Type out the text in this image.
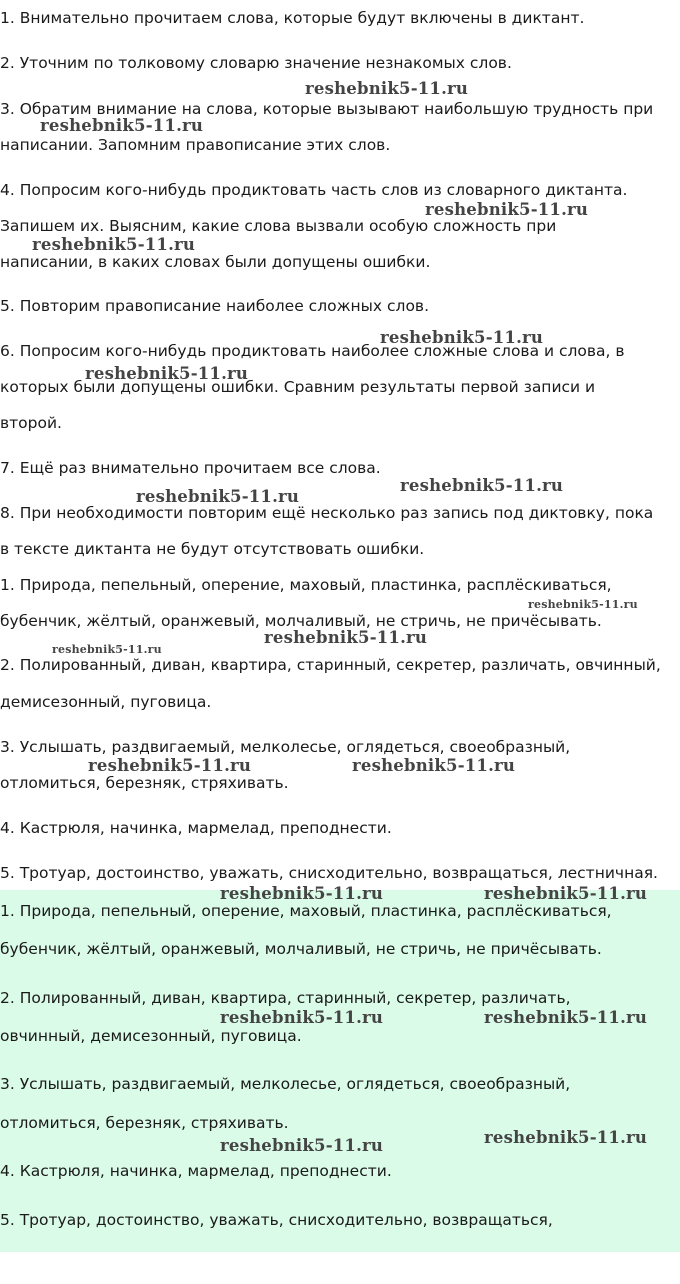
1. Внимательно прочитаем слова, которые будут включены в диктант.
2. Уточним по толковому словарю значение незнакомых слов.
3. Обратим внимание на слова, которые вызывают наибольшую трудность при
написании. Запомним правописание этих слов.
4. Попросим кого-нибудь продиктовать часть слов из словарного диктанта.
Запишем их. Выясним, какие слова вызвали особую сложность при
написании, в каких словах были допущены ошибки.
5. Повторим правописание наиболее сложных слов.
6. Попросим кого-нибудь продиктовать наиболее сложные слова и слова, в
которых были допущены ошибки. Сравним результаты первой записи и
второй.
7. Ещё раз внимательно прочитаем все слова.
8. При необходимости повторим ещё несколько раз запись под диктовку, пока
в тексте диктанта не будут отсутствовать ошибки.
1. Природа, пепельный, оперение, маховый, пластинка, расплёскиваться,
бубенчик, жёлтый, оранжевый, молчаливый, не стричь, не причёсывать.
2. Полированный, диван, квартира, старинный, секретер, различать, овчинный,
демисезонный, пуговица.
3. Услышать, раздвигаемый, мелколесье, оглядеться, своеобразный,
отломиться, березняк, стряхивать.
4. Кастрюля, начинка, мармелад, преподнести.
5. Тротуар, достоинство, уважать, снисходительно, возвращаться, лестничная.
1. Природа, пепельный, оперение, маховый, пластинка, расплёскиваться,
бубенчик, жёлтый, оранжевый, молчаливый, не стричь, не причёсывать.
2. Полированный, диван, квартира, старинный, секретер, различать,
овчинный, демисезонный, пуговица.
3. Услышать, раздвигаемый, мелколесье, оглядеться, своеобразный,
отломиться, березняк, стряхивать.
4. Кастрюля, начинка, мармелад, преподнести.
5. Тротуар, достоинство, уважать, снисходительно, возвращаться,
reshebnik5-11.ru
reshebnik5-11.ru
reshebnik5-11.ru
reshebnik5-11.ru
reshebnik5-11.ru
reshebnik5-11.ru
reshebnik5-11.ru
reshebnik5-11.ru
reshebnik5-11.ru
reshebnik5-11.ru
reshebnik5-11.ru
reshebnik5-11.ru	reshebnik5-11.ru
reshebnik5-11.ru	reshebnik5-11.ru
reshebnik5-11.ru	reshebnik5-11.ru
reshebnik5-11.ru
reshebnik5-11.ru
